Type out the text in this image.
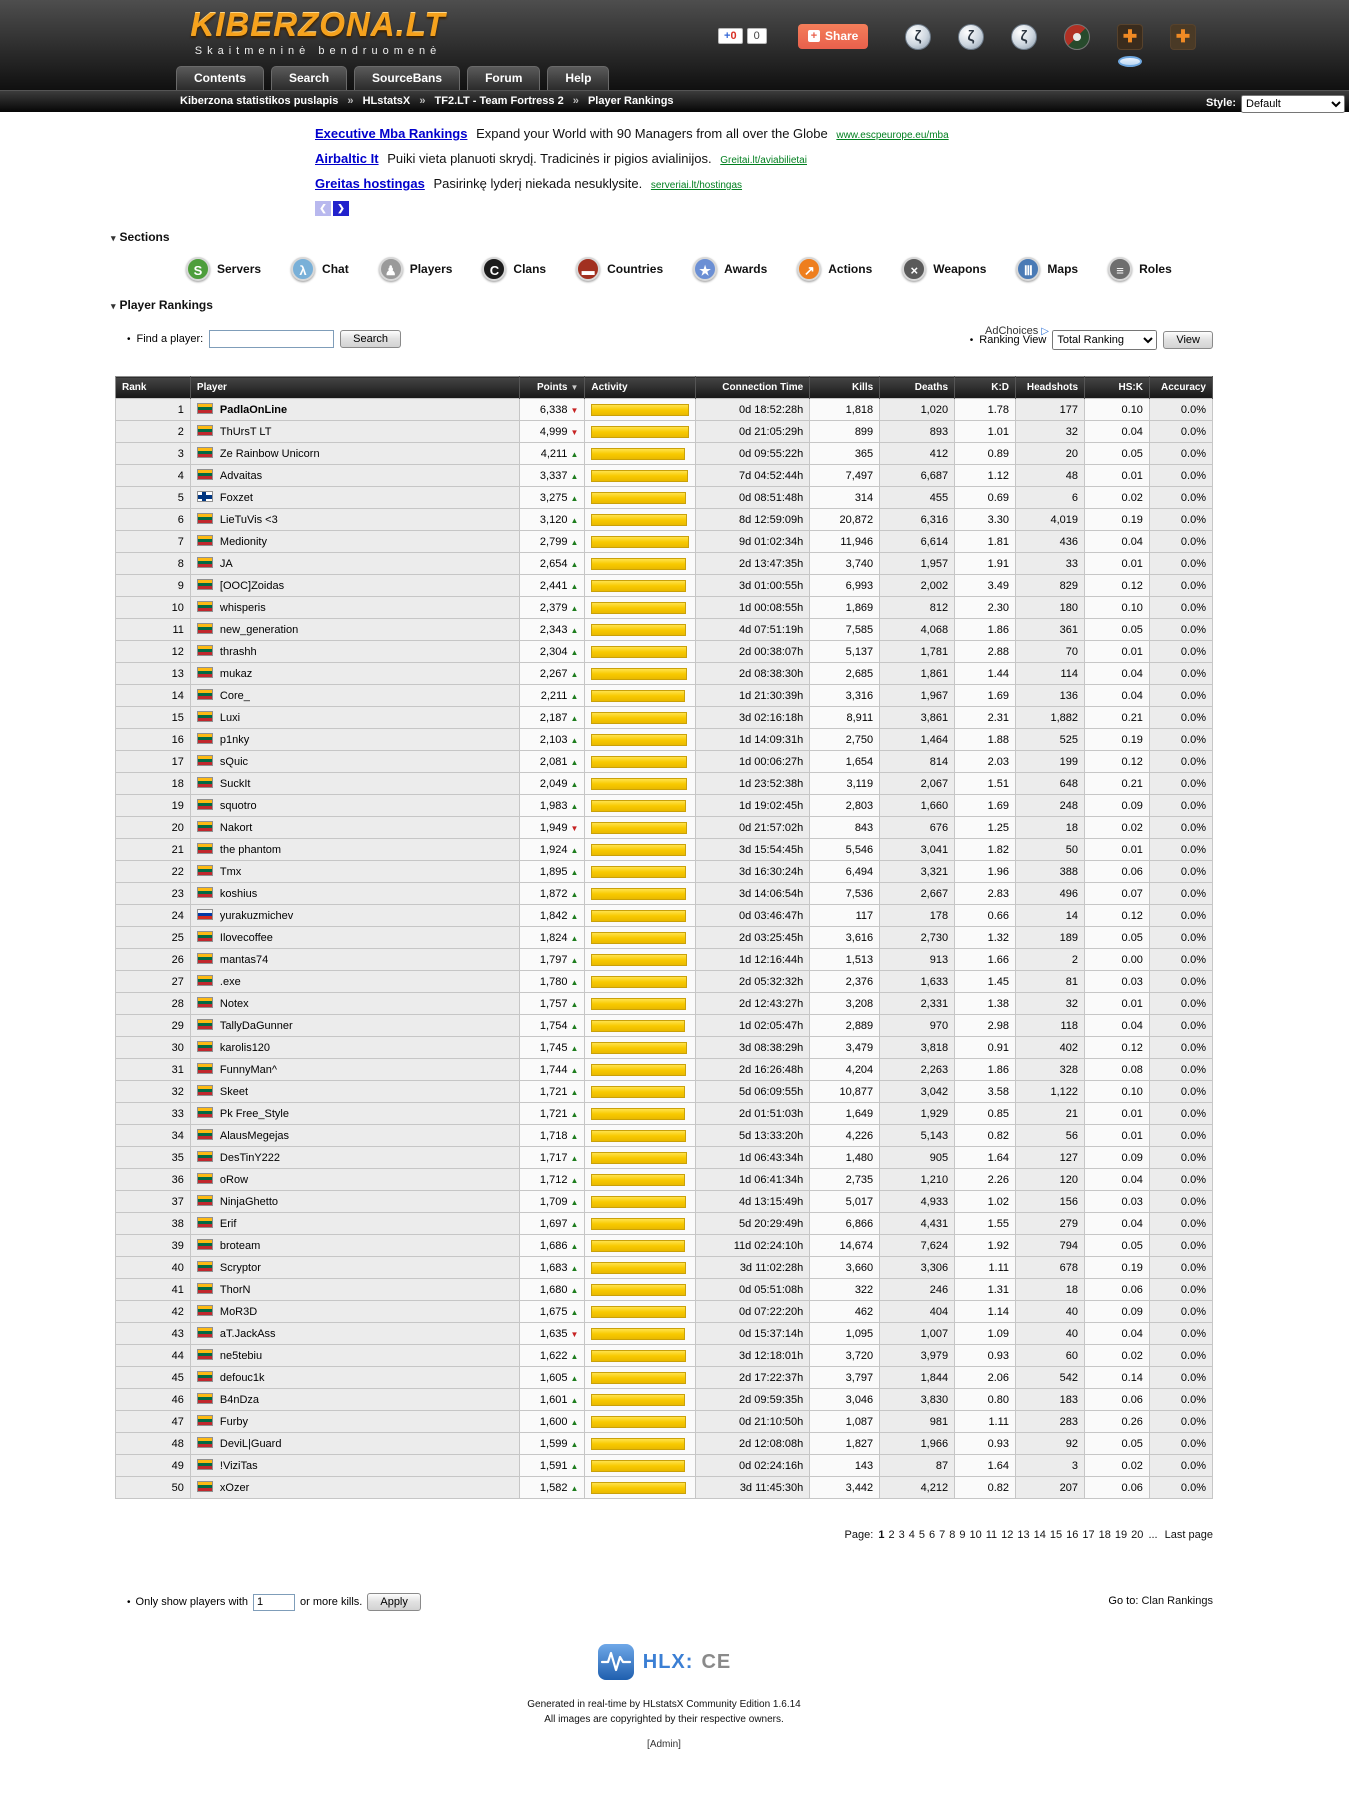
KIBERZONA.LT
Skaitmeninė bendruomenė
+0	0	+ Share	ζ	ζ	ζ	✚	✚
Contents	Search	SourceBans	Forum	Help
Kiberzona statistikos puslapis » HLstatsX » TF2.LT - Team Fortress 2 » Player Rankings	Style:
Default
Executive Mba Rankings Expand your World with 90 Managers from all over the Globe www.escpeurope.eu/mba
Airbaltic It Puiki vieta planuoti skrydį. Tradicinės ir pigios avialinijos. Greitai.lt/aviabilietai
Greitas hostingas Pasirinkę lyderį niekada nesuklysite. serveriai.lt/hostingas
❮	❯
AdChoices ▷
▾ Sections
S	Servers	λ	Chat	♟	Players	C	Clans	▬	Countries	★	Awards	↗	Actions	×	Weapons	Ⅲ	Maps	≡	Roles
▾ Player Rankings
• Find a player:	Search	• Ranking View
Total Ranking	View
Rank	Player	Points ▼	Activity	Connection Time	Kills	Deaths	K:D	Headshots	HS:K	Accuracy
1	PadlaOnLine	6,338 ▼		0d 18:52:28h	1,818	1,020	1.78	177	0.10	0.0%
2	ThUrsT LT	4,999 ▼		0d 21:05:29h	899	893	1.01	32	0.04	0.0%
3	Ze Rainbow Unicorn	4,211 ▲		0d 09:55:22h	365	412	0.89	20	0.05	0.0%
4	Advaitas	3,337 ▲		7d 04:52:44h	7,497	6,687	1.12	48	0.01	0.0%
5	Foxzet	3,275 ▲		0d 08:51:48h	314	455	0.69	6	0.02	0.0%
6	LieTuVis <3	3,120 ▲		8d 12:59:09h	20,872	6,316	3.30	4,019	0.19	0.0%
7	Medionity	2,799 ▲		9d 01:02:34h	11,946	6,614	1.81	436	0.04	0.0%
8	JA	2,654 ▲		2d 13:47:35h	3,740	1,957	1.91	33	0.01	0.0%
9	[OOC]Zoidas	2,441 ▲		3d 01:00:55h	6,993	2,002	3.49	829	0.12	0.0%
10	whisperis	2,379 ▲		1d 00:08:55h	1,869	812	2.30	180	0.10	0.0%
11	new_generation	2,343 ▲		4d 07:51:19h	7,585	4,068	1.86	361	0.05	0.0%
12	thrashh	2,304 ▲		2d 00:38:07h	5,137	1,781	2.88	70	0.01	0.0%
13	mukaz	2,267 ▲		2d 08:38:30h	2,685	1,861	1.44	114	0.04	0.0%
14	Core_	2,211 ▲		1d 21:30:39h	3,316	1,967	1.69	136	0.04	0.0%
15	Luxi	2,187 ▲		3d 02:16:18h	8,911	3,861	2.31	1,882	0.21	0.0%
16	p1nky	2,103 ▲		1d 14:09:31h	2,750	1,464	1.88	525	0.19	0.0%
17	sQuic	2,081 ▲		1d 00:06:27h	1,654	814	2.03	199	0.12	0.0%
18	SuckIt	2,049 ▲		1d 23:52:38h	3,119	2,067	1.51	648	0.21	0.0%
19	squotro	1,983 ▲		1d 19:02:45h	2,803	1,660	1.69	248	0.09	0.0%
20	Nakort	1,949 ▼		0d 21:57:02h	843	676	1.25	18	0.02	0.0%
21	the phantom	1,924 ▲		3d 15:54:45h	5,546	3,041	1.82	50	0.01	0.0%
22	Tmx	1,895 ▲		3d 16:30:24h	6,494	3,321	1.96	388	0.06	0.0%
23	koshius	1,872 ▲		3d 14:06:54h	7,536	2,667	2.83	496	0.07	0.0%
24	yurakuzmichev	1,842 ▲		0d 03:46:47h	117	178	0.66	14	0.12	0.0%
25	Ilovecoffee	1,824 ▲		2d 03:25:45h	3,616	2,730	1.32	189	0.05	0.0%
26	mantas74	1,797 ▲		1d 12:16:44h	1,513	913	1.66	2	0.00	0.0%
27	.exe	1,780 ▲		2d 05:32:32h	2,376	1,633	1.45	81	0.03	0.0%
28	Notex	1,757 ▲		2d 12:43:27h	3,208	2,331	1.38	32	0.01	0.0%
29	TallyDaGunner	1,754 ▲		1d 02:05:47h	2,889	970	2.98	118	0.04	0.0%
30	karolis120	1,745 ▲		3d 08:38:29h	3,479	3,818	0.91	402	0.12	0.0%
31	FunnyMan^	1,744 ▲		2d 16:26:48h	4,204	2,263	1.86	328	0.08	0.0%
32	Skeet	1,721 ▲		5d 06:09:55h	10,877	3,042	3.58	1,122	0.10	0.0%
33	Pk Free_Style	1,721 ▲		2d 01:51:03h	1,649	1,929	0.85	21	0.01	0.0%
34	AlausMegejas	1,718 ▲		5d 13:33:20h	4,226	5,143	0.82	56	0.01	0.0%
35	DesTinY222	1,717 ▲		1d 06:43:34h	1,480	905	1.64	127	0.09	0.0%
36	oRow	1,712 ▲		1d 06:41:34h	2,735	1,210	2.26	120	0.04	0.0%
37	NinjaGhetto	1,709 ▲		4d 13:15:49h	5,017	4,933	1.02	156	0.03	0.0%
38	Erif	1,697 ▲		5d 20:29:49h	6,866	4,431	1.55	279	0.04	0.0%
39	broteam	1,686 ▲		11d 02:24:10h	14,674	7,624	1.92	794	0.05	0.0%
40	Scryptor	1,683 ▲		3d 11:02:28h	3,660	3,306	1.11	678	0.19	0.0%
41	ThorN	1,680 ▲		0d 05:51:08h	322	246	1.31	18	0.06	0.0%
42	MoR3D	1,675 ▲		0d 07:22:20h	462	404	1.14	40	0.09	0.0%
43	aT.JackAss	1,635 ▼		0d 15:37:14h	1,095	1,007	1.09	40	0.04	0.0%
44	ne5tebiu	1,622 ▲		3d 12:18:01h	3,720	3,979	0.93	60	0.02	0.0%
45	defouc1k	1,605 ▲		2d 17:22:37h	3,797	1,844	2.06	542	0.14	0.0%
46	B4nDza	1,601 ▲		2d 09:59:35h	3,046	3,830	0.80	183	0.06	0.0%
47	Furby	1,600 ▲		0d 21:10:50h	1,087	981	1.11	283	0.26	0.0%
48	DeviL|Guard	1,599 ▲		2d 12:08:08h	1,827	1,966	0.93	92	0.05	0.0%
49	!ViziTas	1,591 ▲		0d 02:24:16h	143	87	1.64	3	0.02	0.0%
50	xOzer	1,582 ▲		3d 11:45:30h	3,442	4,212	0.82	207	0.06	0.0%
Page: 1 2 3 4 5 6 7 8 9 10 11 12 13 14 15 16 17 18 19 20 ... Last page
• Only show players with
1	or more kills.	Apply	Go to: Clan Rankings
HLX: CE
Generated in real-time by HLstatsX Community Edition 1.6.14
All images are copyrighted by their respective owners.
[Admin]
